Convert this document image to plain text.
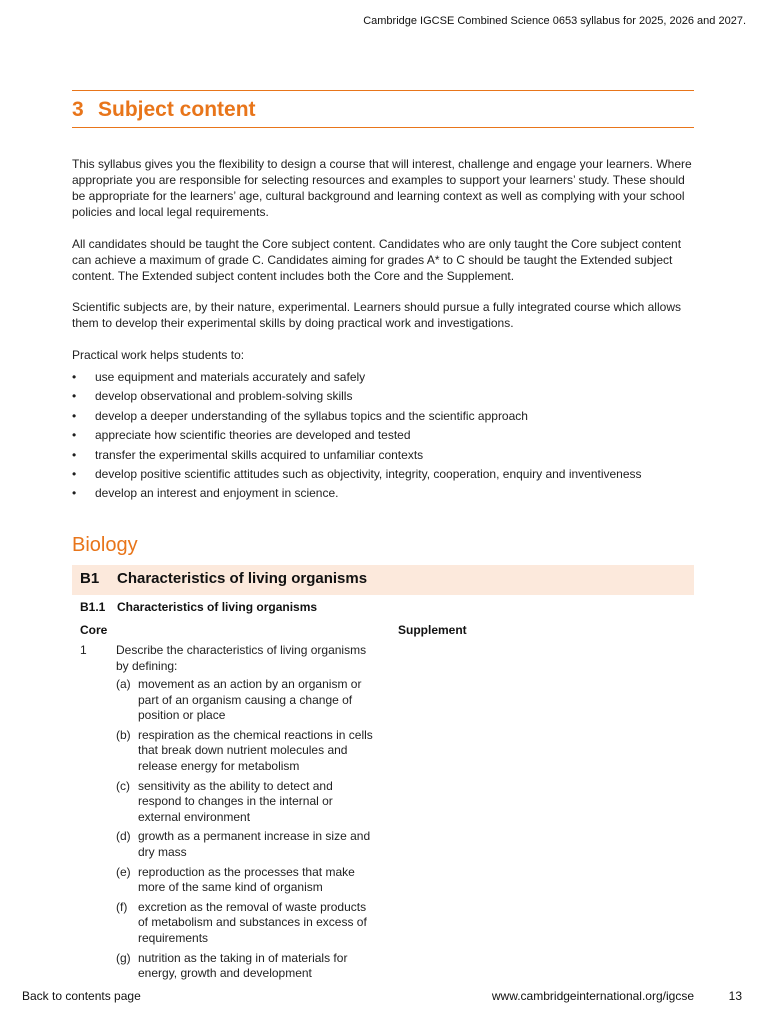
Cambridge IGCSE Combined Science 0653 syllabus for 2025, 2026 and 2027.
3 Subject content

This syllabus gives you the flexibility to design a course that will interest, challenge and engage your learners. Where appropriate you are responsible for selecting resources and examples to support your learners’ study. These should be appropriate for the learners’ age, cultural background and learning context as well as complying with your school policies and local legal requirements.

All candidates should be taught the Core subject content. Candidates who are only taught the Core subject content can achieve a maximum of grade C. Candidates aiming for grades A* to C should be taught the Extended subject content. The Extended subject content includes both the Core and the Supplement.

Scientific subjects are, by their nature, experimental. Learners should pursue a fully integrated course which allows them to develop their experimental skills by doing practical work and investigations.

Practical work helps students to:

• use equipment and materials accurately and safely
• develop observational and problem-solving skills
• develop a deeper understanding of the syllabus topics and the scientific approach
• appreciate how scientific theories are developed and tested
• transfer the experimental skills acquired to unfamiliar contexts
• develop positive scientific attitudes such as objectivity, integrity, cooperation, enquiry and inventiveness
• develop an interest and enjoyment in science.
Biology
B1 Characteristics of living organisms
B1.1 Characteristics of living organisms
Core	Supplement
1 Describe the characteristics of living organisms by defining:
(a) movement as an action by an organism or part of an organism causing a change of position or place
(b) respiration as the chemical reactions in cells that break down nutrient molecules and release energy for metabolism
(c) sensitivity as the ability to detect and respond to changes in the internal or external environment
(d) growth as a permanent increase in size and dry mass
(e) reproduction as the processes that make more of the same kind of organism
(f) excretion as the removal of waste products of metabolism and substances in excess of requirements
(g) nutrition as the taking in of materials for energy, growth and development
Back to contents page	www.cambridgeinternational.org/igcse	13
